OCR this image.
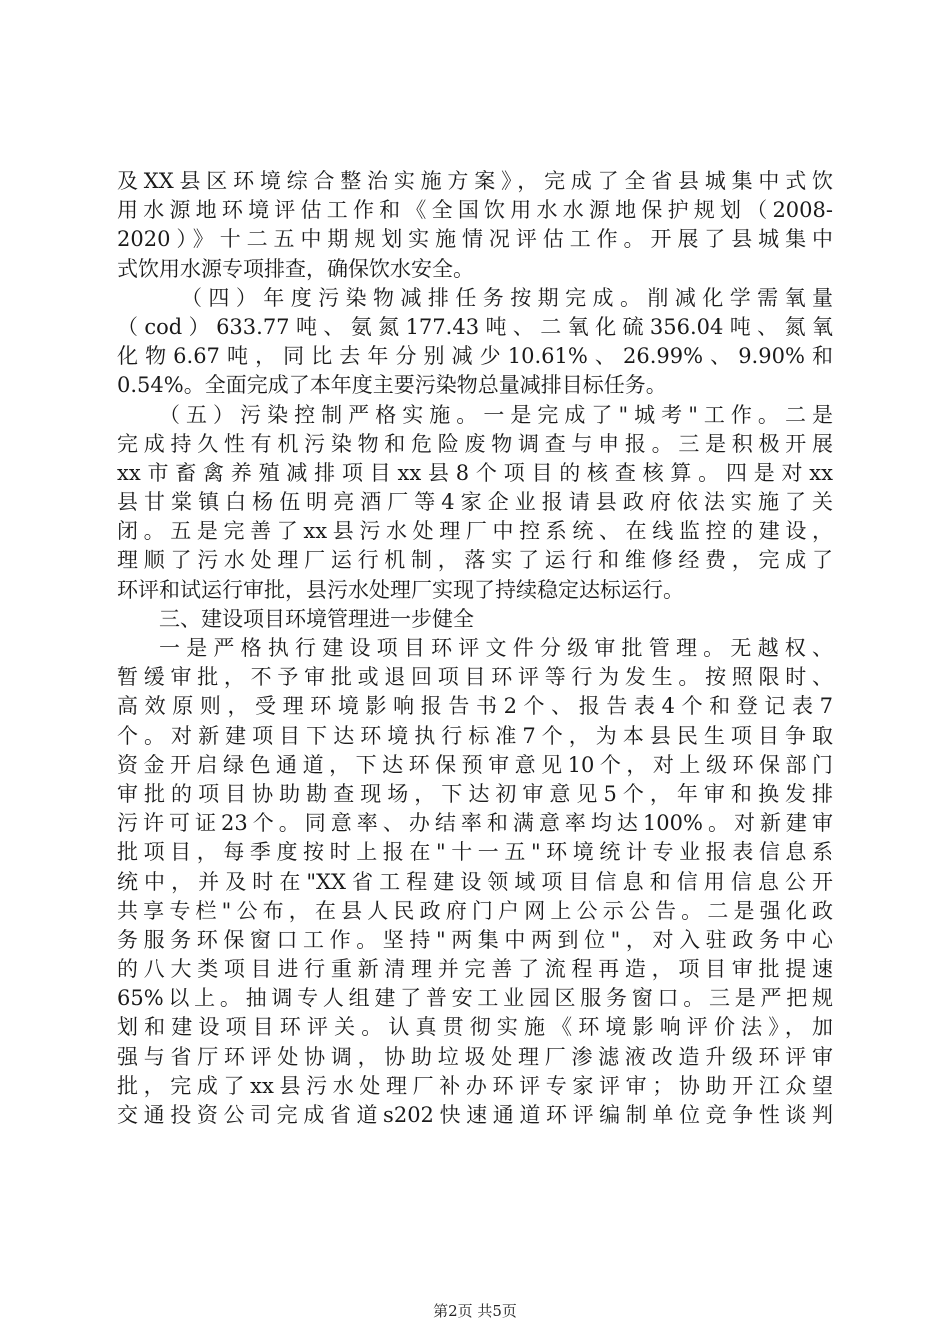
及XX县区环境综合整治实施方案》，完成了全省县城集中式饮
用水源地环境评估工作和《全国饮用水水源地保护规划（2008-
2020）》十二五中期规划实施情况评估工作。开展了县城集中
式饮用水源专项排查，确保饮水安全。
（四）年度污染物减排任务按期完成。削减化学需氧量
（cod）633.77吨、氨氮177.43吨、二氧化硫356.04吨、氮氧
化物6.67吨，同比去年分别减少10.61%、26.99%、9.90%和
0.54%。全面完成了本年度主要污染物总量减排目标任务。
（五）污染控制严格实施。一是完成了"城考"工作。二是
完成持久性有机污染物和危险废物调查与申报。三是积极开展
xx市畜禽养殖减排项目xx县8个项目的核查核算。四是对xx
县甘棠镇白杨伍明亮酒厂等4家企业报请县政府依法实施了关
闭。五是完善了xx县污水处理厂中控系统、在线监控的建设，
理顺了污水处理厂运行机制，落实了运行和维修经费，完成了
环评和试运行审批，县污水处理厂实现了持续稳定达标运行。
三、建设项目环境管理进一步健全
一是严格执行建设项目环评文件分级审批管理。无越权、
暂缓审批，不予审批或退回项目环评等行为发生。按照限时、
高效原则，受理环境影响报告书2个、报告表4个和登记表7
个。对新建项目下达环境执行标准7个，为本县民生项目争取
资金开启绿色通道，下达环保预审意见10个，对上级环保部门
审批的项目协助勘查现场，下达初审意见5个，年审和换发排
污许可证23个。同意率、办结率和满意率均达100%。对新建审
批项目，每季度按时上报在"十一五"环境统计专业报表信息系
统中，并及时在"XX省工程建设领域项目信息和信用信息公开
共享专栏"公布，在县人民政府门户网上公示公告。二是强化政
务服务环保窗口工作。坚持"两集中两到位"，对入驻政务中心
的八大类项目进行重新清理并完善了流程再造，项目审批提速
65%以上。抽调专人组建了普安工业园区服务窗口。三是严把规
划和建设项目环评关。认真贯彻实施《环境影响评价法》，加
强与省厅环评处协调，协助垃圾处理厂渗滤液改造升级环评审
批，完成了xx县污水处理厂补办环评专家评审；协助开江众望
交通投资公司完成省道s202快速通道环评编制单位竞争性谈判
第2页 共5页
